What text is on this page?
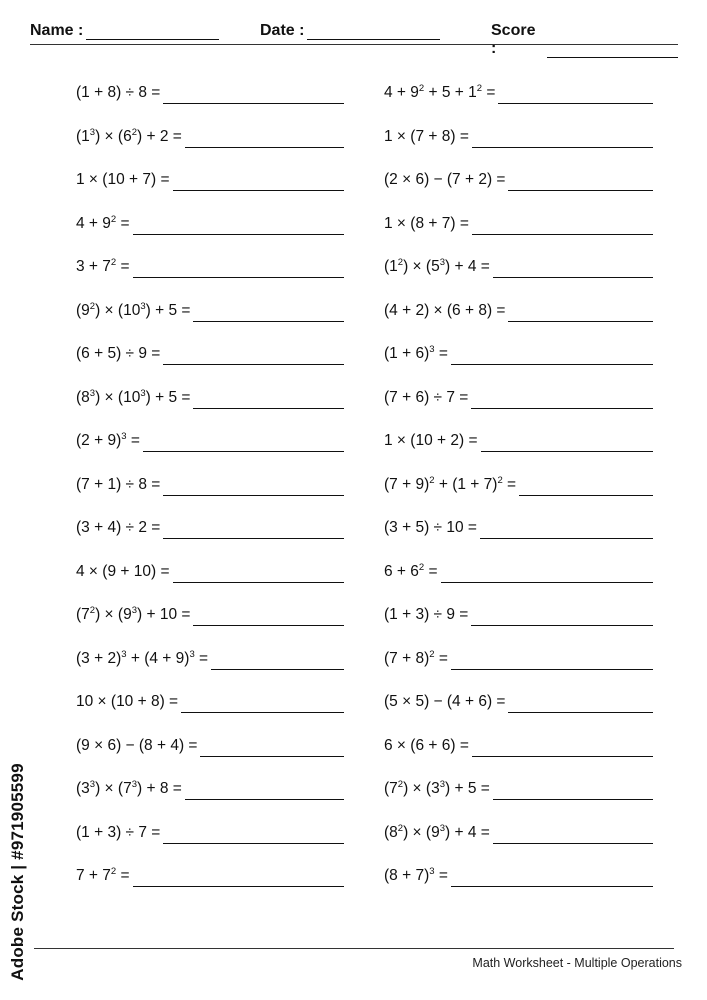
Name :	Date :	Score :
(1 + 8) ÷ 8 =
$(1^3) \times (6^2) + 2$ =
1 × (10 + 7) =
$4 + 9^2$ =
$3 + 7^2$ =
$(9^2) \times (10^3) + 5$ =
(6 + 5) ÷ 9 =
$(8^3) \times (10^3) + 5$ =
$(2 + 9)^3$ =
(7 + 1) ÷ 8 =
(3 + 4) ÷ 2 =
4 × (9 + 10) =
$(7^2) \times (9^3) + 10$ =
$(3 + 2)^3 + (4 + 9)^3$ =
10 × (10 + 8) =
(9 × 6) − (8 + 4) =
$(3^3) \times (7^3) + 8$ =
(1 + 3) ÷ 7 =
$7 + 7^2$ =
$4 + 9^2 + 5 + 1^2$ =
1 × (7 + 8) =
(2 × 6) − (7 + 2) =
1 × (8 + 7) =
$(1^2) \times (5^3) + 4$ =
(4 + 2) × (6 + 8) =
$(1 + 6)^3$ =
(7 + 6) ÷ 7 =
1 × (10 + 2) =
$(7 + 9)^2 + (1 + 7)^2$ =
(3 + 5) ÷ 10 =
$6 + 6^2$ =
(1 + 3) ÷ 9 =
$(7 + 8)^2$ =
(5 × 5) − (4 + 6) =
6 × (6 + 6) =
$(7^2) \times (3^3) + 5$ =
$(8^2) \times (9^3) + 4$ =
$(8 + 7)^3$ =
Math Worksheet - Multiple Operations
Adobe Stock | #971905599
